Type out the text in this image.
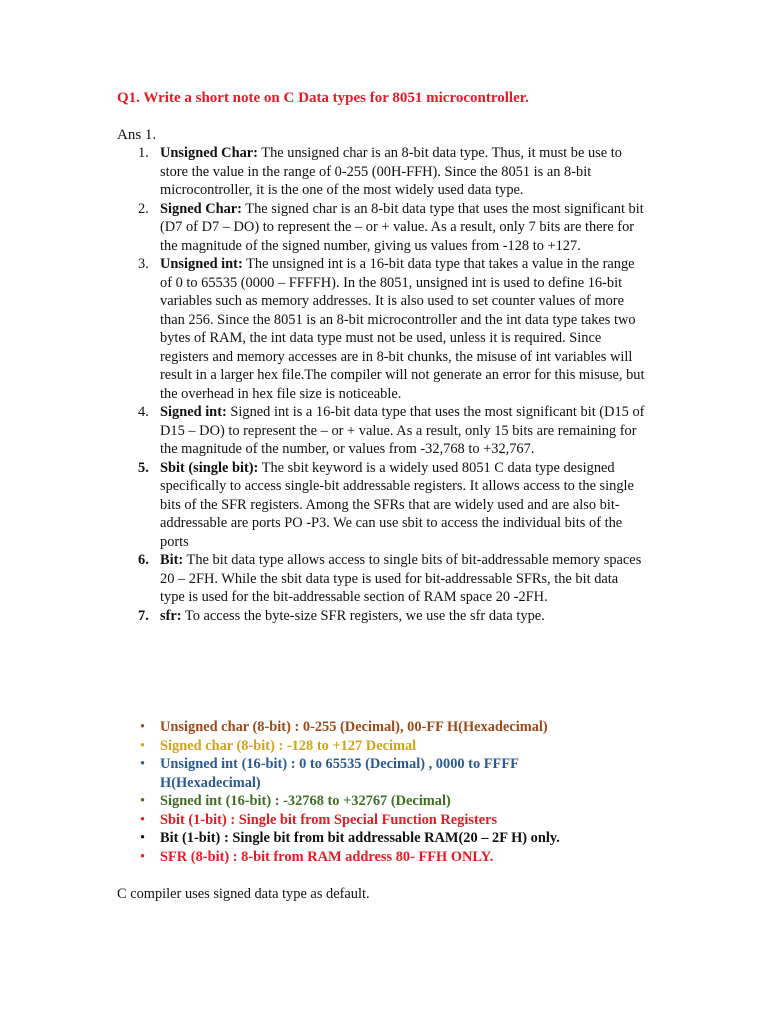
Q1. Write a short note on C Data types for 8051 microcontroller.
Ans 1.
1. Unsigned Char: The unsigned char is an 8-bit data type. Thus, it must be use to store the value in the range of 0-255 (00H-FFH). Since the 8051 is an 8-bit microcontroller, it is the one of the most widely used data type.
2. Signed Char: The signed char is an 8-bit data type that uses the most significant bit (D7 of D7 – DO) to represent the – or + value. As a result, only 7 bits are there for the magnitude of the signed number, giving us values from -128 to +127.
3. Unsigned int: The unsigned int is a 16-bit data type that takes a value in the range of 0 to 65535 (0000 – FFFFH). In the 8051, unsigned int is used to define 16-bit variables such as memory addresses. It is also used to set counter values of more than 256. Since the 8051 is an 8-bit microcontroller and the int data type takes two bytes of RAM, the int data type must not be used, unless it is required. Since registers and memory accesses are in 8-bit chunks, the misuse of int variables will result in a larger hex file.The compiler will not generate an error for this misuse, but the overhead in hex file size is noticeable.
4. Signed int: Signed int is a 16-bit data type that uses the most significant bit (D15 of D15 – DO) to represent the – or + value. As a result, only 15 bits are remaining for the magnitude of the number, or values from -32,768 to +32,767.
5. Sbit (single bit): The sbit keyword is a widely used 8051 C data type designed specifically to access single-bit addressable registers. It allows access to the single bits of the SFR registers. Among the SFRs that are widely used and are also bit-addressable are ports PO -P3. We can use sbit to access the individual bits of the ports
6. Bit: The bit data type allows access to single bits of bit-addressable memory spaces 20 – 2FH. While the sbit data type is used for bit-addressable SFRs, the bit data type is used for the bit-addressable section of RAM space 20 -2FH.
7. sfr: To access the byte-size SFR registers, we use the sfr data type.
• Unsigned char (8-bit) : 0-255 (Decimal), 00-FF H(Hexadecimal)
• Signed char (8-bit) : -128 to +127 Decimal
• Unsigned int (16-bit) : 0 to 65535 (Decimal) , 0000 to FFFF H(Hexadecimal)
• Signed int (16-bit) : -32768 to +32767 (Decimal)
• Sbit (1-bit) : Single bit from Special Function Registers
• Bit (1-bit) : Single bit from bit addressable RAM(20 – 2F H) only.
• SFR (8-bit) : 8-bit from RAM address 80- FFH ONLY.
C compiler uses signed data type as default.
